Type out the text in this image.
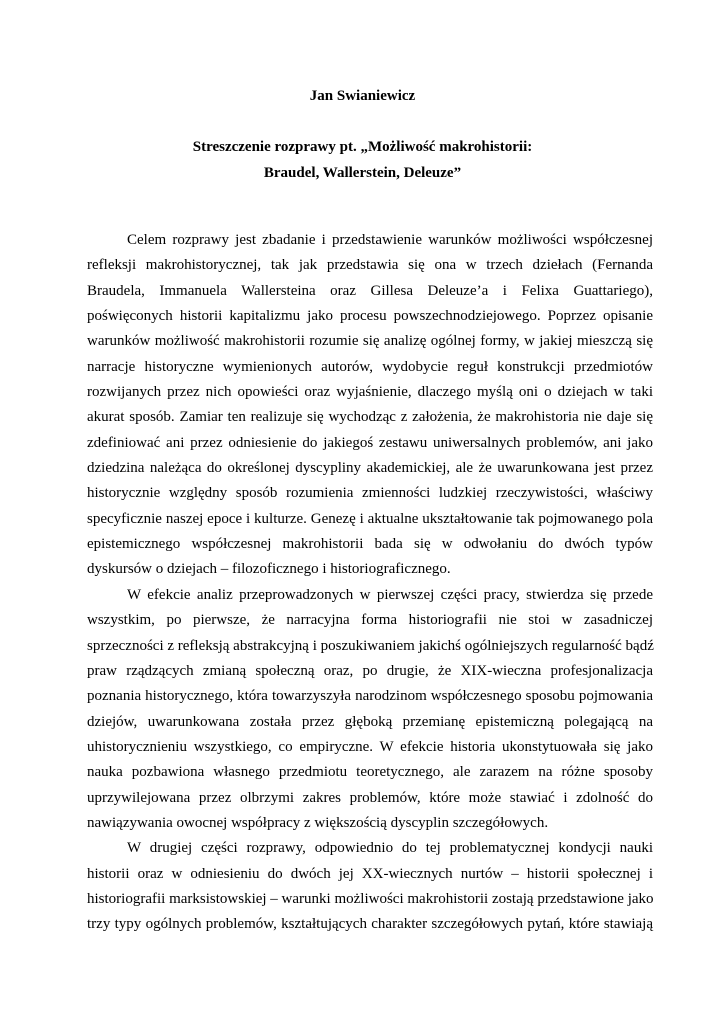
Jan Swianiewicz
Streszczenie rozprawy pt. „Możliwość makrohistorii:
Braudel, Wallerstein, Deleuze”

Celem rozprawy jest zbadanie i przedstawienie warunków możliwości współczesnej
refleksji makrohistorycznej, tak jak przedstawia się ona w trzech dziełach (Fernanda
Braudela, Immanuela Wallersteina oraz Gillesa Deleuze’a i Felixa Guattariego),
poświęconych historii kapitalizmu jako procesu powszechnodziejowego. Poprzez opisanie
warunków możliwość makrohistorii rozumie się analizę ogólnej formy, w jakiej mieszczą się
narracje historyczne wymienionych autorów, wydobycie reguł konstrukcji przedmiotów
rozwijanych przez nich opowieści oraz wyjaśnienie, dlaczego myślą oni o dziejach w taki
akurat sposób. Zamiar ten realizuje się wychodząc z założenia, że makrohistoria nie daje się
zdefiniować ani przez odniesienie do jakiegoś zestawu uniwersalnych problemów, ani jako
dziedzina należąca do określonej dyscypliny akademickiej, ale że uwarunkowana jest przez
historycznie względny sposób rozumienia zmienności ludzkiej rzeczywistości, właściwy
specyficznie naszej epoce i kulturze. Genezę i aktualne ukształtowanie tak pojmowanego pola
epistemicznego współczesnej makrohistorii bada się w odwołaniu do dwóch typów
dyskursów o dziejach – filozoficznego i historiograficznego.

W efekcie analiz przeprowadzonych w pierwszej części pracy, stwierdza się przede
wszystkim, po pierwsze, że narracyjna forma historiografii nie stoi w zasadniczej
sprzeczności z refleksją abstrakcyjną i poszukiwaniem jakichś ogólniejszych regularność bądź
praw rządzących zmianą społeczną oraz, po drugie, że XIX-wieczna profesjonalizacja
poznania historycznego, która towarzyszyła narodzinom współczesnego sposobu pojmowania
dziejów, uwarunkowana została przez głęboką przemianę epistemiczną polegającą na
uhistorycznieniu wszystkiego, co empiryczne. W efekcie historia ukonstytuowała się jako
nauka pozbawiona własnego przedmiotu teoretycznego, ale zarazem na różne sposoby
uprzywilejowana przez olbrzymi zakres problemów, które może stawiać i zdolność do
nawiązywania owocnej współpracy z większością dyscyplin szczegółowych.

W drugiej części rozprawy, odpowiednio do tej problematycznej kondycji nauki
historii oraz w odniesieniu do dwóch jej XX-wiecznych nurtów – historii społecznej i
historiografii marksistowskiej – warunki możliwości makrohistorii zostają przedstawione jako
trzy typy ogólnych problemów, kształtujących charakter szczegółowych pytań, które stawiają
